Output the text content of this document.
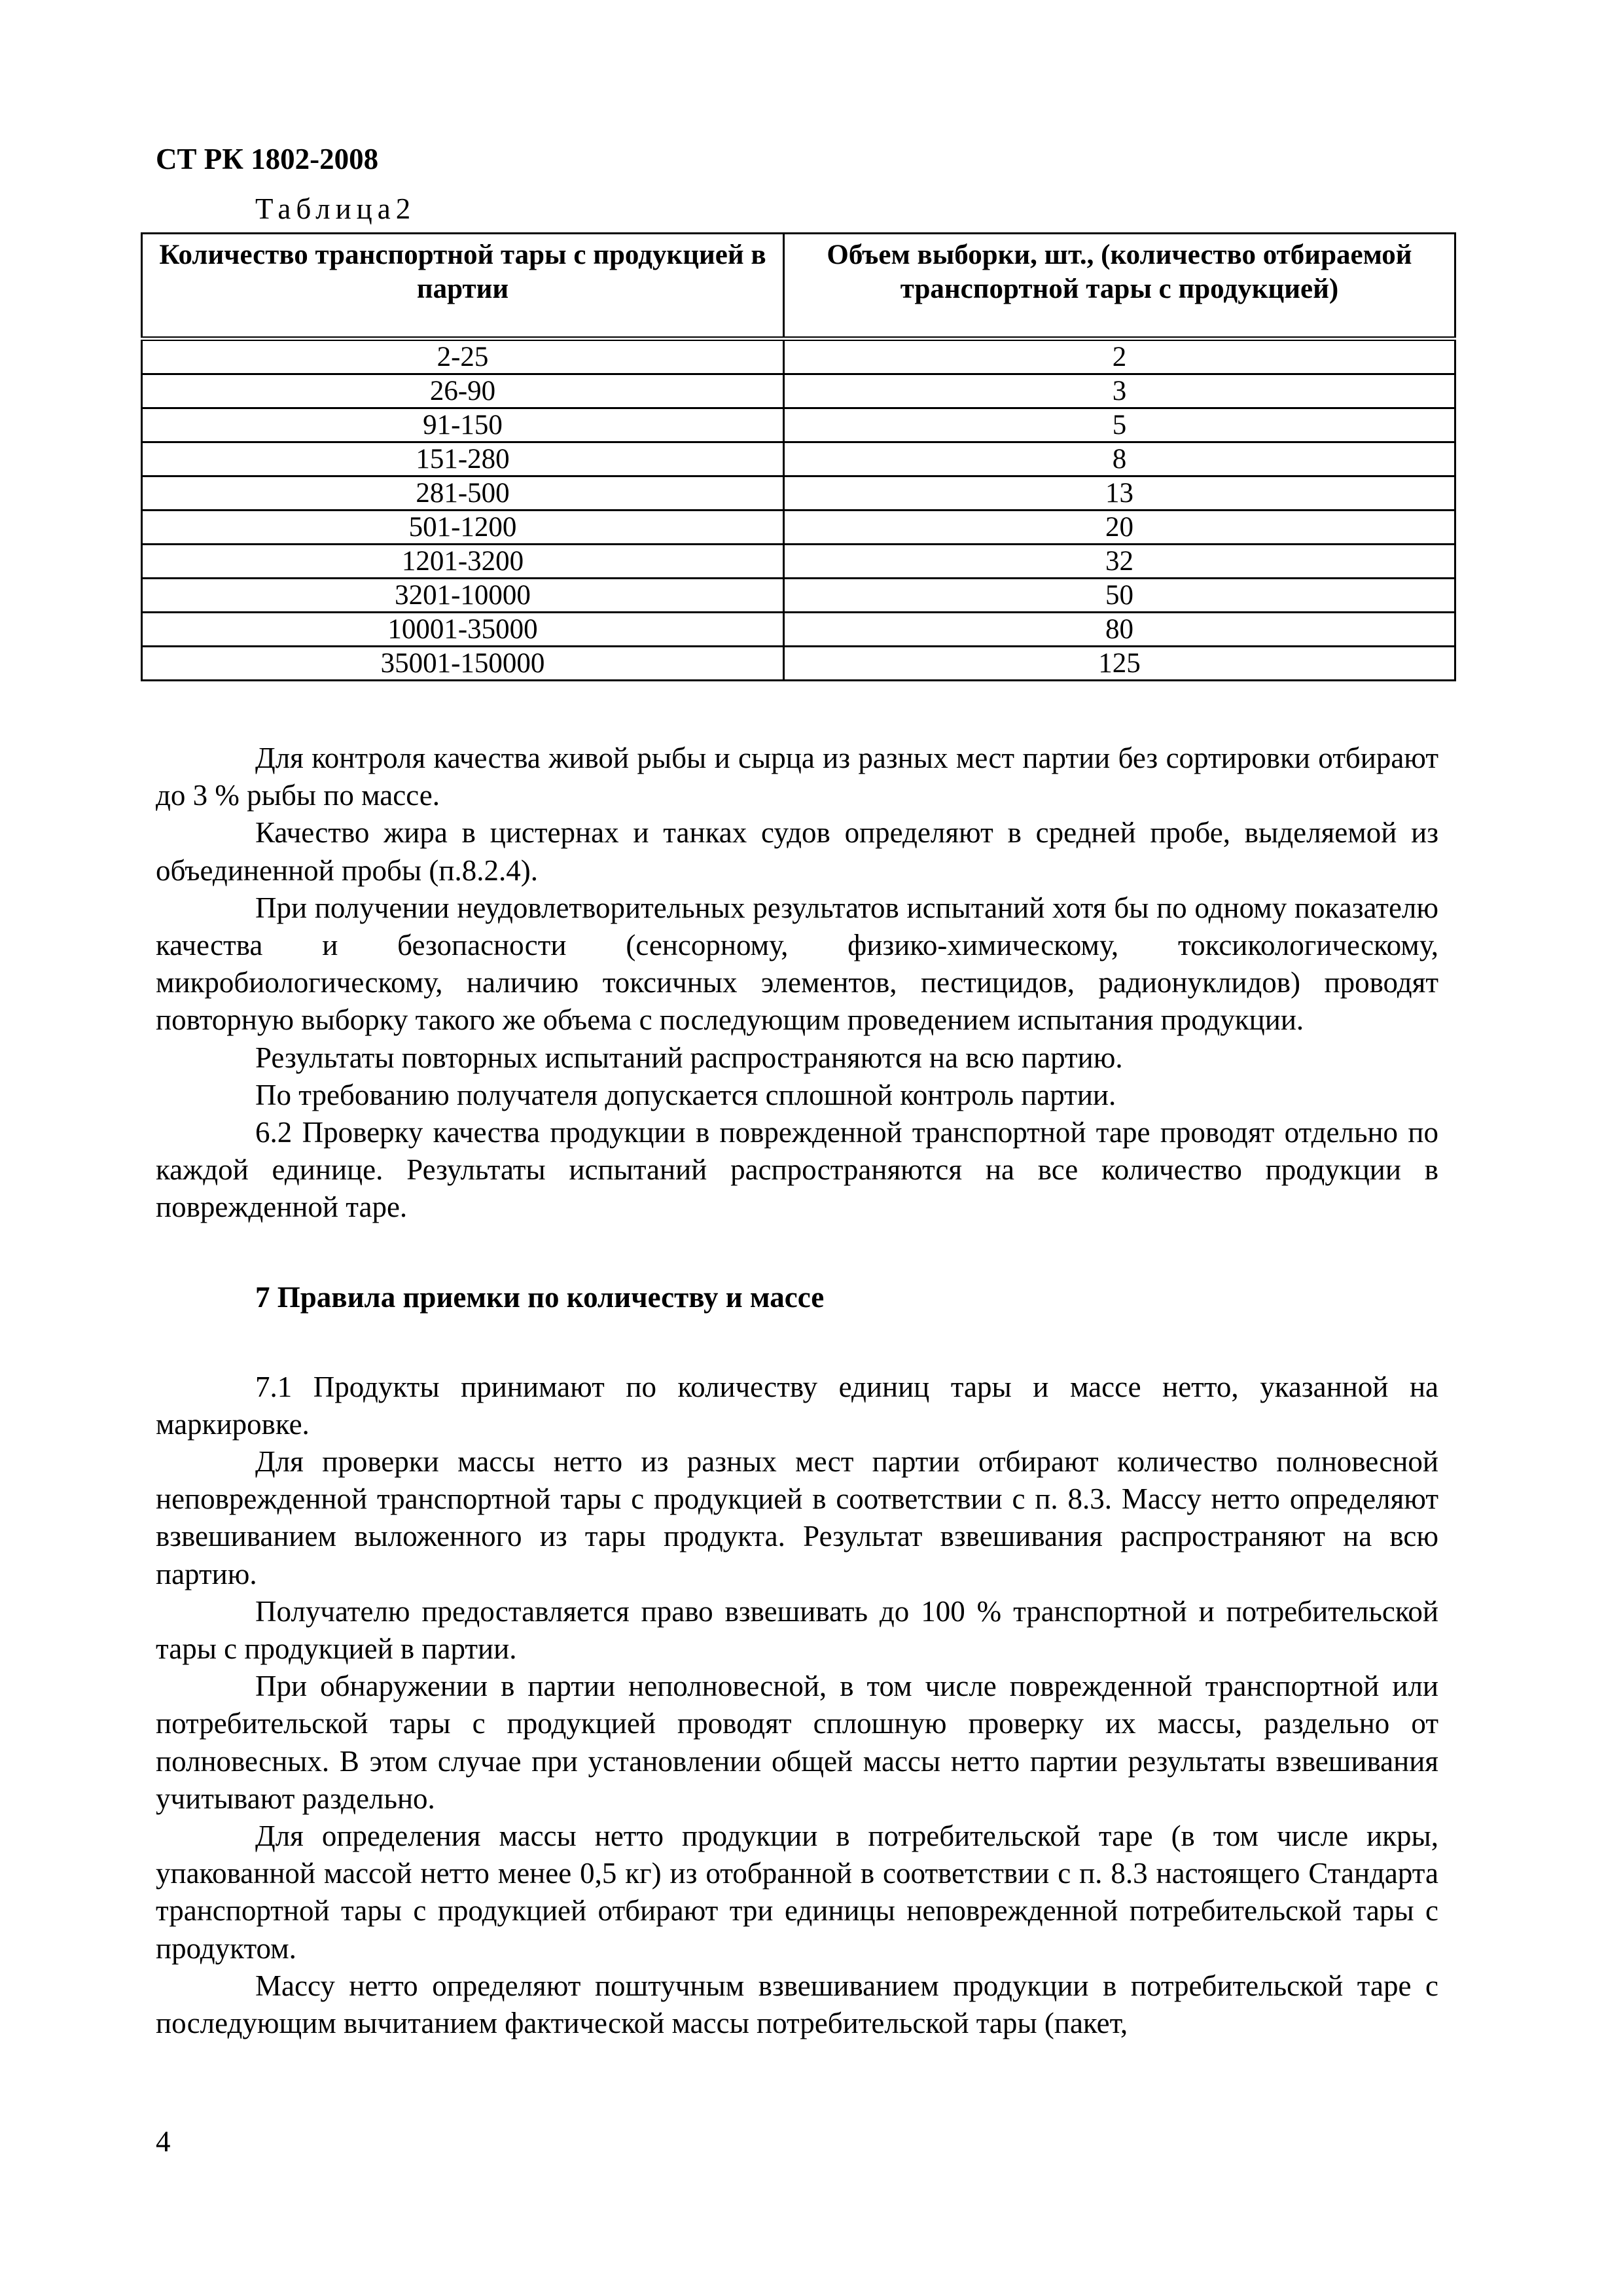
СТ РК 1802-2008
Таблица2
Количество транспортной тары с продукцией в партии	Объем выборки, шт., (количество отбираемой транспортной тары с продукцией)
2-25	2
26-90	3
91-150	5
151-280	8
281-500	13
501-1200	20
1201-3200	32
3201-10000	50
10001-35000	80
35001-150000	125

Для контроля качества живой рыбы и сырца из разных мест партии без сортировки отбирают до 3 % рыбы по массе.

Качество жира в цистернах и танках судов определяют в средней пробе, выделяемой из объединенной пробы (п.8.2.4).

При получении неудовлетворительных результатов испытаний хотя бы по одному показателю качества и безопасности (сенсорному, физико-химическому, токсикологическому, микробиологическому, наличию токсичных элементов, пестицидов, радионуклидов) проводят повторную выборку такого же объема с последующим проведением испытания продукции.

Результаты повторных испытаний распространяются на всю партию.

По требованию получателя допускается сплошной контроль партии.

6.2 Проверку качества продукции в поврежденной транспортной таре проводят отдельно по каждой единице. Результаты испытаний распространяются на все количество продукции в поврежденной таре.

7 Правила приемки по количеству и массе

7.1 Продукты принимают по количеству единиц тары и массе нетто, указанной на маркировке.

Для проверки массы нетто из разных мест партии отбирают количество полновесной неповрежденной транспортной тары с продукцией в соответствии с п. 8.3. Массу нетто определяют взвешиванием выложенного из тары продукта. Результат взвешивания распространяют на всю партию.

Получателю предоставляется право взвешивать до 100 % транспортной и потребительской тары с продукцией в партии.

При обнаружении в партии неполновесной, в том числе поврежденной транспортной или потребительской тары с продукцией проводят сплошную проверку их массы, раздельно от полновесных. В этом случае при установлении общей массы нетто партии результаты взвешивания учитывают раздельно.

Для определения массы нетто продукции в потребительской таре (в том числе икры, упакованной массой нетто менее 0,5 кг) из отобранной в соответствии с п. 8.3 настоящего Стандарта транспортной тары с продукцией отбирают три единицы неповрежденной потребительской тары с продуктом.

Массу нетто определяют поштучным взвешиванием продукции в потребительской таре с последующим вычитанием фактической массы потребительской тары (пакет,

4
